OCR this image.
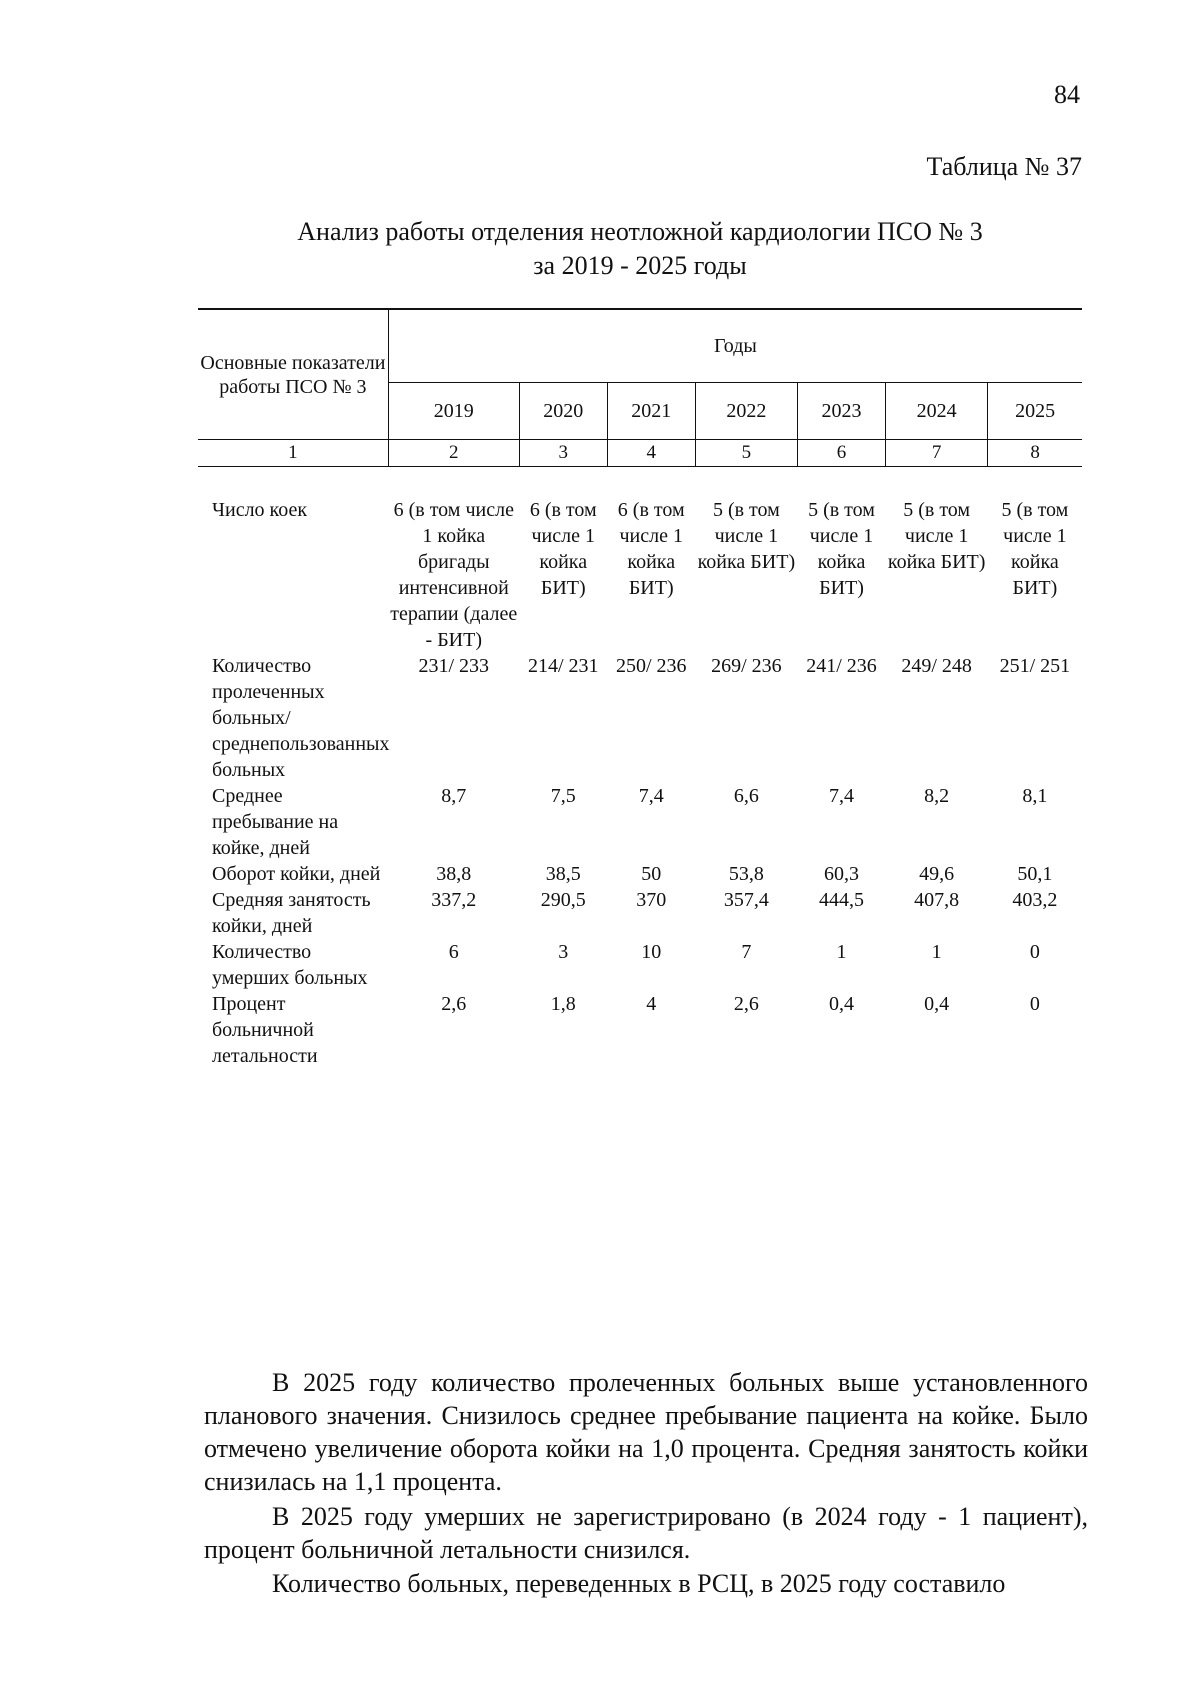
84
Таблица № 37
Анализ работы отделения неотложной кардиологии ПСО № 3
за 2019 - 2025 годы
Основные показатели работы ПСО № 3	Годы						
	2019	2020	2021	2022	2023	2024	2025
1	2	3	4	5	6	7	8

Число коек	6 (в том числе 1 койка бригады интенсивной терапии (далее - БИТ)	6 (в том числе 1 койка БИТ)	6 (в том числе 1 койка БИТ)	5 (в том числе 1 койка БИТ)	5 (в том числе 1 койка БИТ)	5 (в том числе 1 койка БИТ)	5 (в том числе 1 койка БИТ)
Количество пролеченных больных/ среднепользованных больных	231/ 233	214/ 231	250/ 236	269/ 236	241/ 236	249/ 248	251/ 251
Среднее пребывание на койке, дней	8,7	7,5	7,4	6,6	7,4	8,2	8,1
Оборот койки, дней	38,8	38,5	50	53,8	60,3	49,6	50,1
Средняя занятость койки, дней	337,2	290,5	370	357,4	444,5	407,8	403,2
Количество умерших больных	6	3	10	7	1	1	0
Процент больничной летальности	2,6	1,8	4	2,6	0,4	0,4	0

В 2025 году количество пролеченных больных выше установленного планового значения. Снизилось среднее пребывание пациента на койке. Было отмечено увеличение оборота койки на 1,0 процента. Средняя занятость койки снизилась на 1,1 процента.

В 2025 году умерших не зарегистрировано (в 2024 году - 1 пациент), процент больничной летальности снизился.

Количество больных, переведенных в РСЦ, в 2025 году составило
